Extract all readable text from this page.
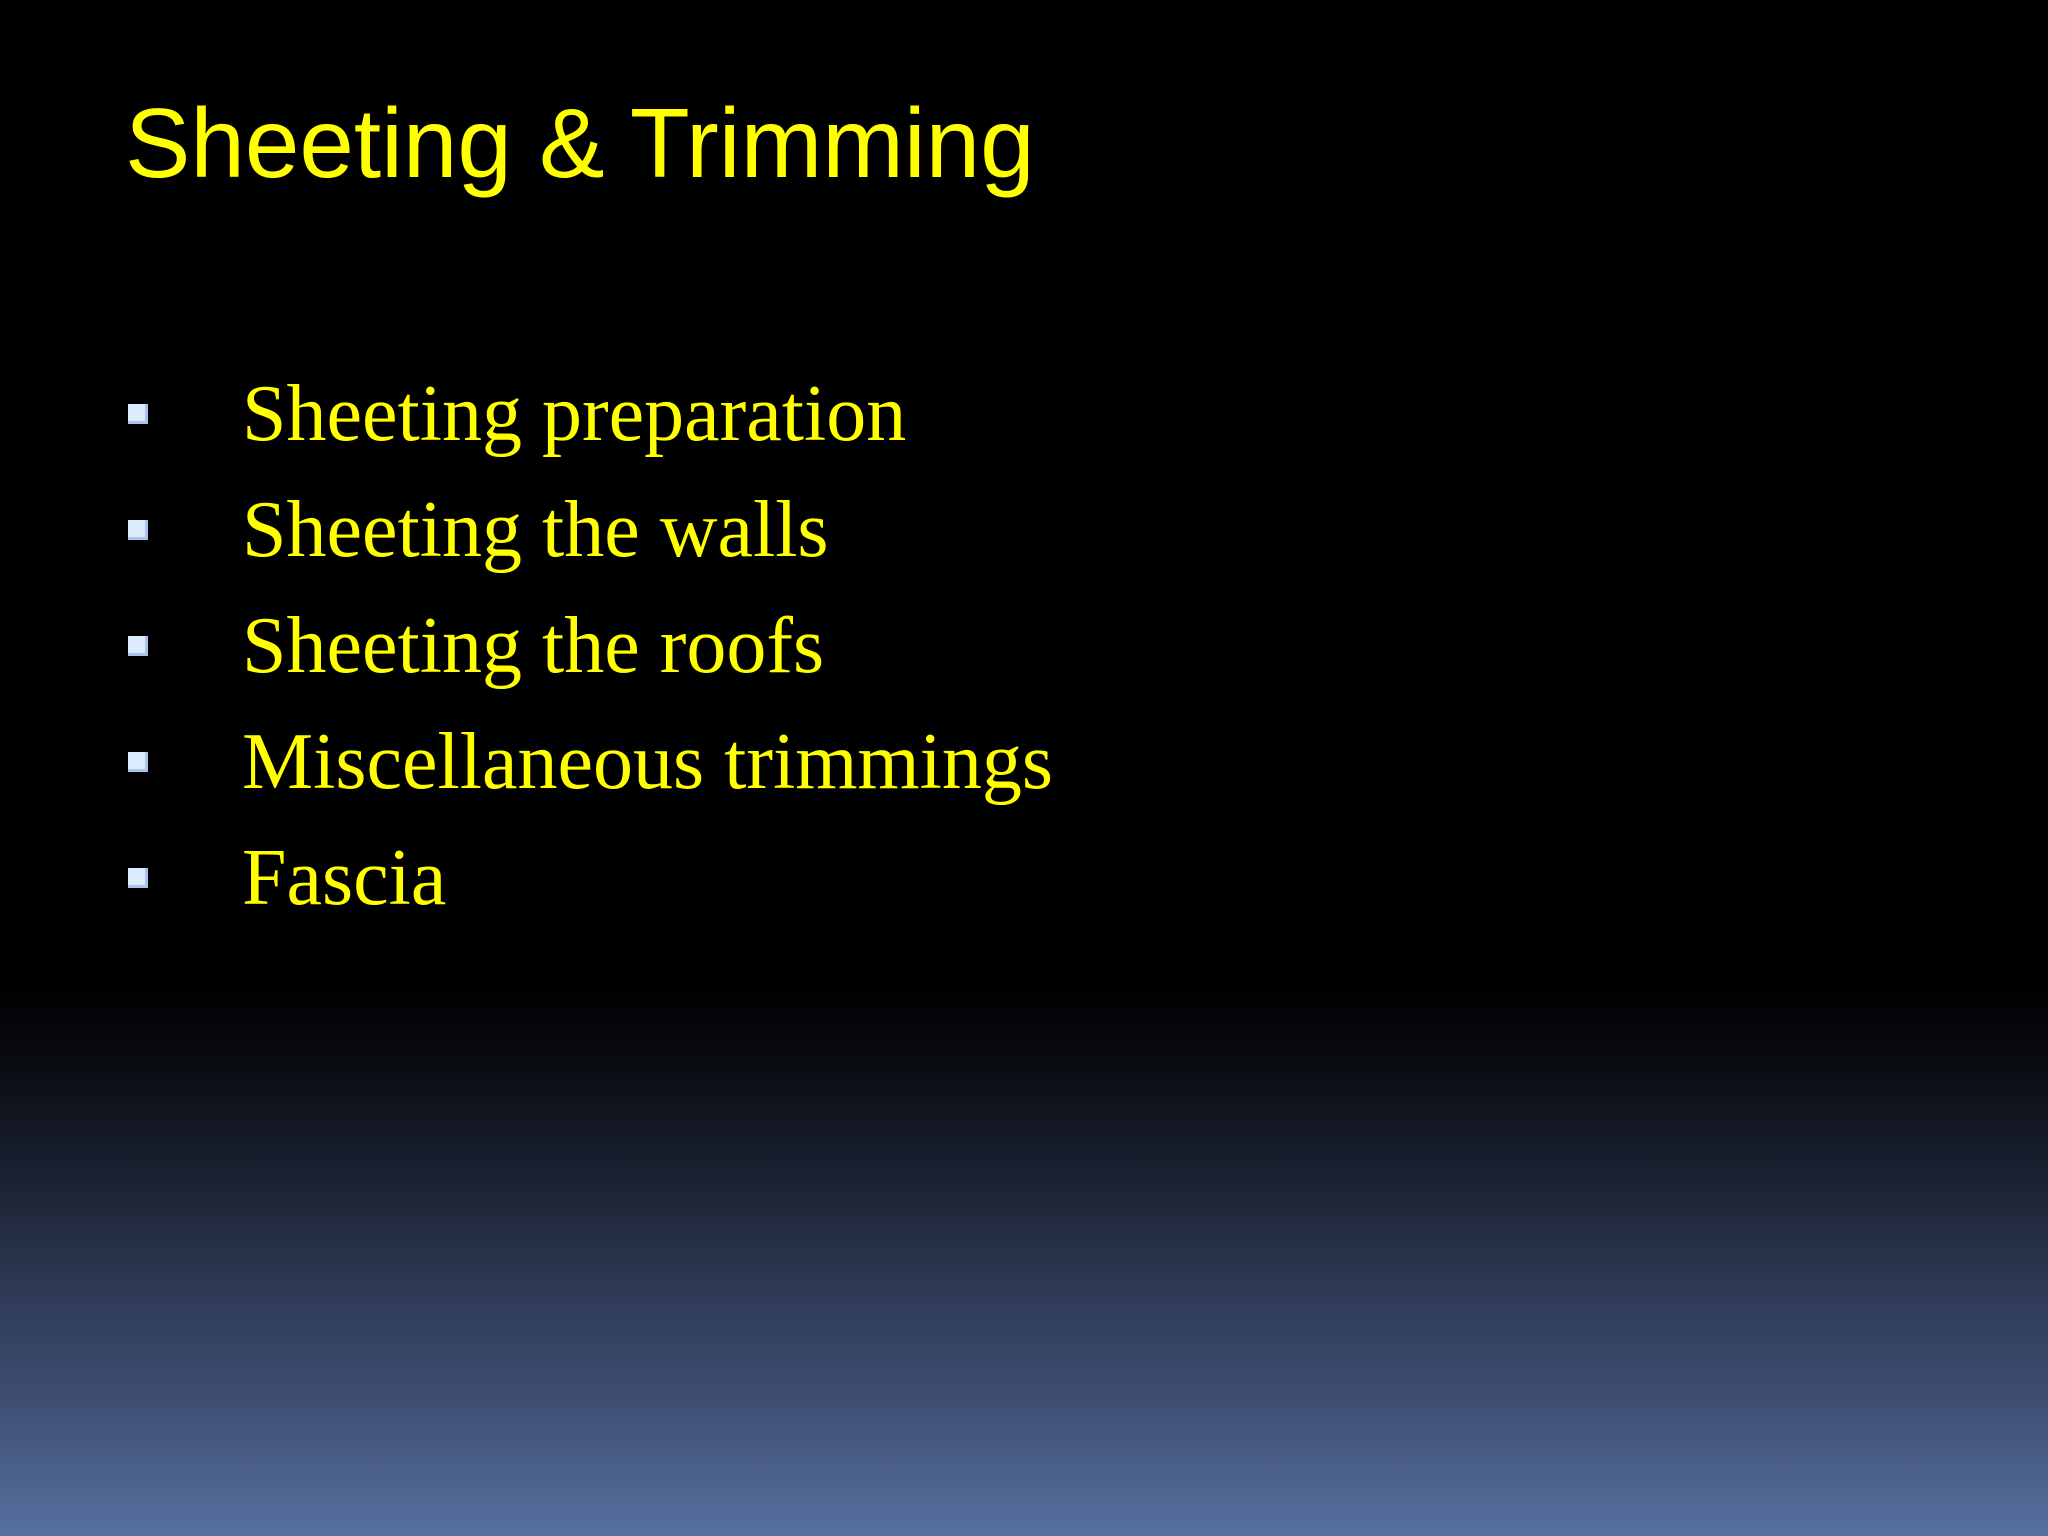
Sheeting & Trimming
Sheeting preparation
Sheeting the walls
Sheeting the roofs
Miscellaneous trimmings
Fascia
